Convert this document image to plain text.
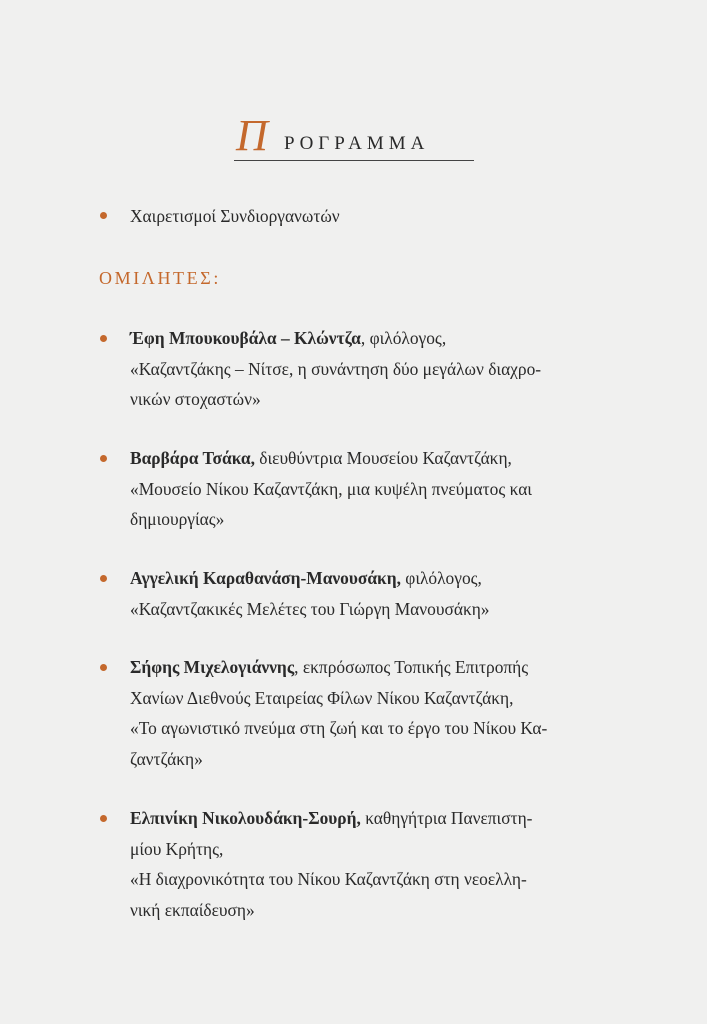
Π ΡΟΓΡΑΜΜΑ
Χαιρετισμοί Συνδιοργανωτών
ΟΜΙΛΗΤΕΣ:
Έφη Μπουκουβάλα – Κλώντζα, φιλόλογος,
«Καζαντζάκης – Νίτσε, η συνάντηση δύο μεγάλων διαχρο-
νικών στοχαστών»
Βαρβάρα Τσάκα, διευθύντρια Μουσείου Καζαντζάκη,
«Μουσείο Νίκου Καζαντζάκη, μια κυψέλη πνεύματος και
δημιουργίας»
Αγγελική Καραθανάση-Μανουσάκη, φιλόλογος,
«Καζαντζακικές Μελέτες του Γιώργη Μανουσάκη»
Σήφης Μιχελογιάννης, εκπρόσωπος Τοπικής Επιτροπής
Χανίων Διεθνούς Εταιρείας Φίλων Νίκου Καζαντζάκη,
«Το αγωνιστικό πνεύμα στη ζωή και το έργο του Νίκου Κα-
ζαντζάκη»
Ελπινίκη Νικολουδάκη-Σουρή, καθηγήτρια Πανεπιστη-
μίου Κρήτης,
«Η διαχρονικότητα του Νίκου Καζαντζάκη στη νεοελλη-
νική εκπαίδευση»
